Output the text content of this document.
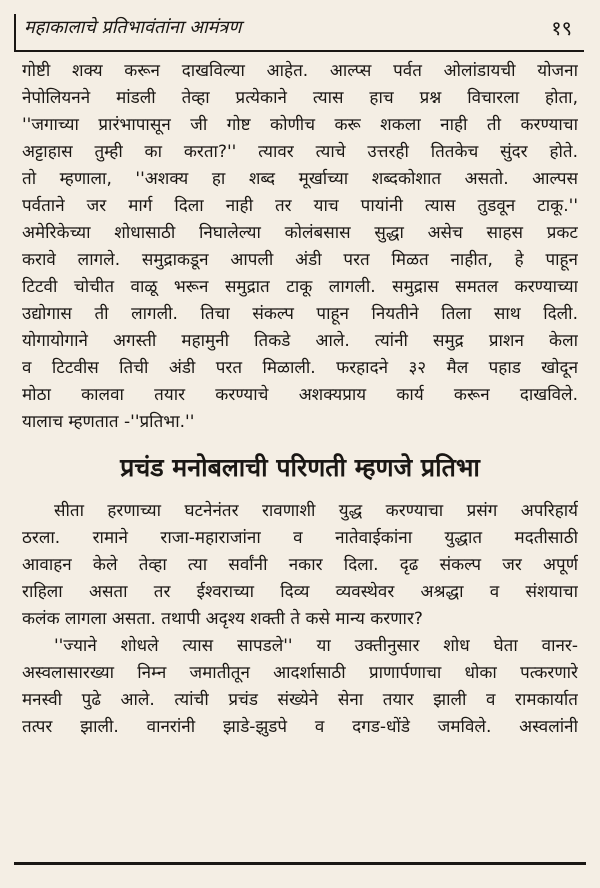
महाकालाचे प्रतिभावंतांना आमंत्रण	१९
गोष्टी शक्य करून दाखविल्या आहेत. आल्प्स पर्वत ओलांडायची योजना
नेपोलियनने मांडली तेव्हा प्रत्येकाने त्यास हाच प्रश्न विचारला होता,
''जगाच्या प्रारंभापासून जी गोष्ट कोणीच करू शकला नाही ती करण्याचा
अट्टाहास तुम्ही का करता?'' त्यावर त्याचे उत्तरही तितकेच सुंदर होते.
तो म्हणाला, ''अशक्य हा शब्द मूर्खाच्या शब्दकोशात असतो. आल्पस
पर्वताने जर मार्ग दिला नाही तर याच पायांनी त्यास तुडवून टाकू.''
अमेरिकेच्या शोधासाठी निघालेल्या कोलंबसास सुद्धा असेच साहस प्रकट
करावे लागले. समुद्राकडून आपली अंडी परत मिळत नाहीत, हे पाहून
टिटवी चोचीत वाळू भरून समुद्रात टाकू लागली. समुद्रास समतल करण्याच्या
उद्योगास ती लागली. तिचा संकल्प पाहून नियतीने तिला साथ दिली.
योगायोगाने अगस्ती महामुनी तिकडे आले. त्यांनी समुद्र प्राशन केला
व टिटवीस तिची अंडी परत मिळाली. फरहादने ३२ मैल पहाड खोदून
मोठा कालवा तयार करण्याचे अशक्यप्राय कार्य करून दाखविले.
यालाच म्हणतात -''प्रतिभा.''
प्रचंड मनोबलाची परिणती म्हणजे प्रतिभा
सीता हरणाच्या घटनेनंतर रावणाशी युद्ध करण्याचा प्रसंग अपरिहार्य
ठरला. रामाने राजा-महाराजांना व नातेवाईकांना युद्धात मदतीसाठी
आवाहन केले तेव्हा त्या सर्वांनी नकार दिला. दृढ संकल्प जर अपूर्ण
राहिला असता तर ईश्वराच्या दिव्य व्यवस्थेवर अश्रद्धा व संशयाचा
कलंक लागला असता. तथापी अदृश्य शक्ती ते कसे मान्य करणार?
''ज्याने शोधले त्यास सापडले'' या उक्तीनुसार शोध घेता वानर-
अस्वलासारख्या निम्न जमातीतून आदर्शासाठी प्राणार्पणाचा धोका पत्करणारे
मनस्वी पुढे आले. त्यांची प्रचंड संख्येने सेना तयार झाली व रामकार्यात
तत्पर झाली. वानरांनी झाडे-झुडपे व दगड-धोंडे जमविले. अस्वलांनी
